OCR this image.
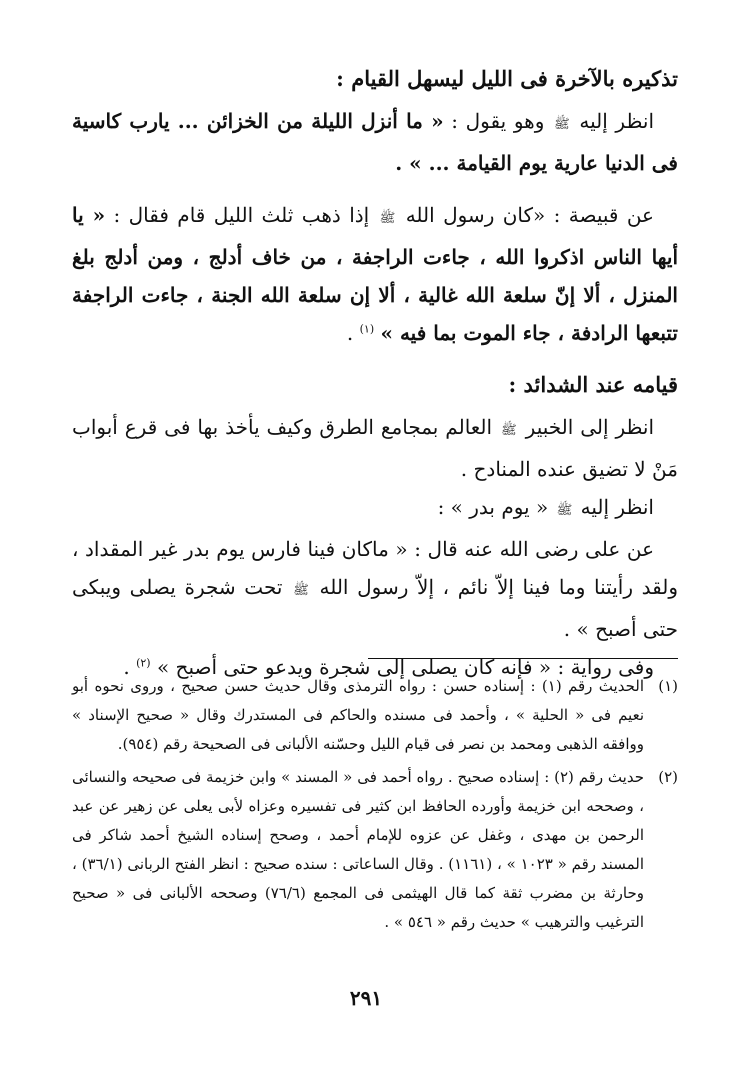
تذكيره بالآخرة فى الليل ليسهل القيام :

انظر إليه ﷺ وهو يقول : « ما أنزل الليلة من الخزائن ... يارب كاسية فى الدنيا عارية يوم القيامة ... » .

عن قبيصة : «كان رسول الله ﷺ إذا ذهب ثلث الليل قام فقال : « يا أيها الناس اذكروا الله ، جاءت الراجفة ، من خاف أدلج ، ومن أدلج بلغ المنزل ، ألا إنّ سلعة الله غالية ، ألا إن سلعة الله الجنة ، جاءت الراجفة تتبعها الرادفة ، جاء الموت بما فيه » $^{(١)}$ .

قيامه عند الشدائد :

انظر إلى الخبير ﷺ العالم بمجامع الطرق وكيف يأخذ بها فى قرع أبواب مَنْ لا تضيق عنده المنادح .

انظر إليه ﷺ « يوم بدر » :

عن على رضى الله عنه قال : « ماكان فينا فارس يوم بدر غير المقداد ، ولقد رأيتنا وما فينا إلاّ نائم ، إلاّ رسول الله ﷺ تحت شجرة يصلى ويبكى حتى أصبح » .

وفى رواية : « فإنه كان يصلى إلى شجرة ويدعو حتى أصبح » $^{(٢)}$ .

(١)
الحديث رقم (١) : إسناده حسن : رواه الترمذى وقال حديث حسن صحيح ، وروى نحوه أبو نعيم فى « الحلية » ، وأحمد فى مسنده والحاكم فى المستدرك وقال « صحيح الإسناد » ووافقه الذهبى ومحمد بن نصر فى قيام الليل وحسّنه الألبانى فى الصحيحة رقم (٩٥٤).
(٢)
حديث رقم (٢) : إسناده صحيح . رواه أحمد فى « المسند » وابن خزيمة فى صحيحه والنسائى ، وصححه ابن خزيمة وأورده الحافظ ابن كثير فى تفسيره وعزاه لأبى يعلى عن زهير عن عبد الرحمن بن مهدى ، وغفل عن عزوه للإمام أحمد ، وصحح إسناده الشيخ أحمد شاكر فى المسند رقم « ١٠٢٣ » ، (١١٦١) . وقال الساعاتى : سنده صحيح : انظر الفتح الربانى (٣٦/١) ، وحارثة بن مضرب ثقة كما قال الهيثمى فى المجمع (٧٦/٦) وصححه الألبانى فى « صحيح الترغيب والترهيب » حديث رقم « ٥٤٦ » .
٢٩١
